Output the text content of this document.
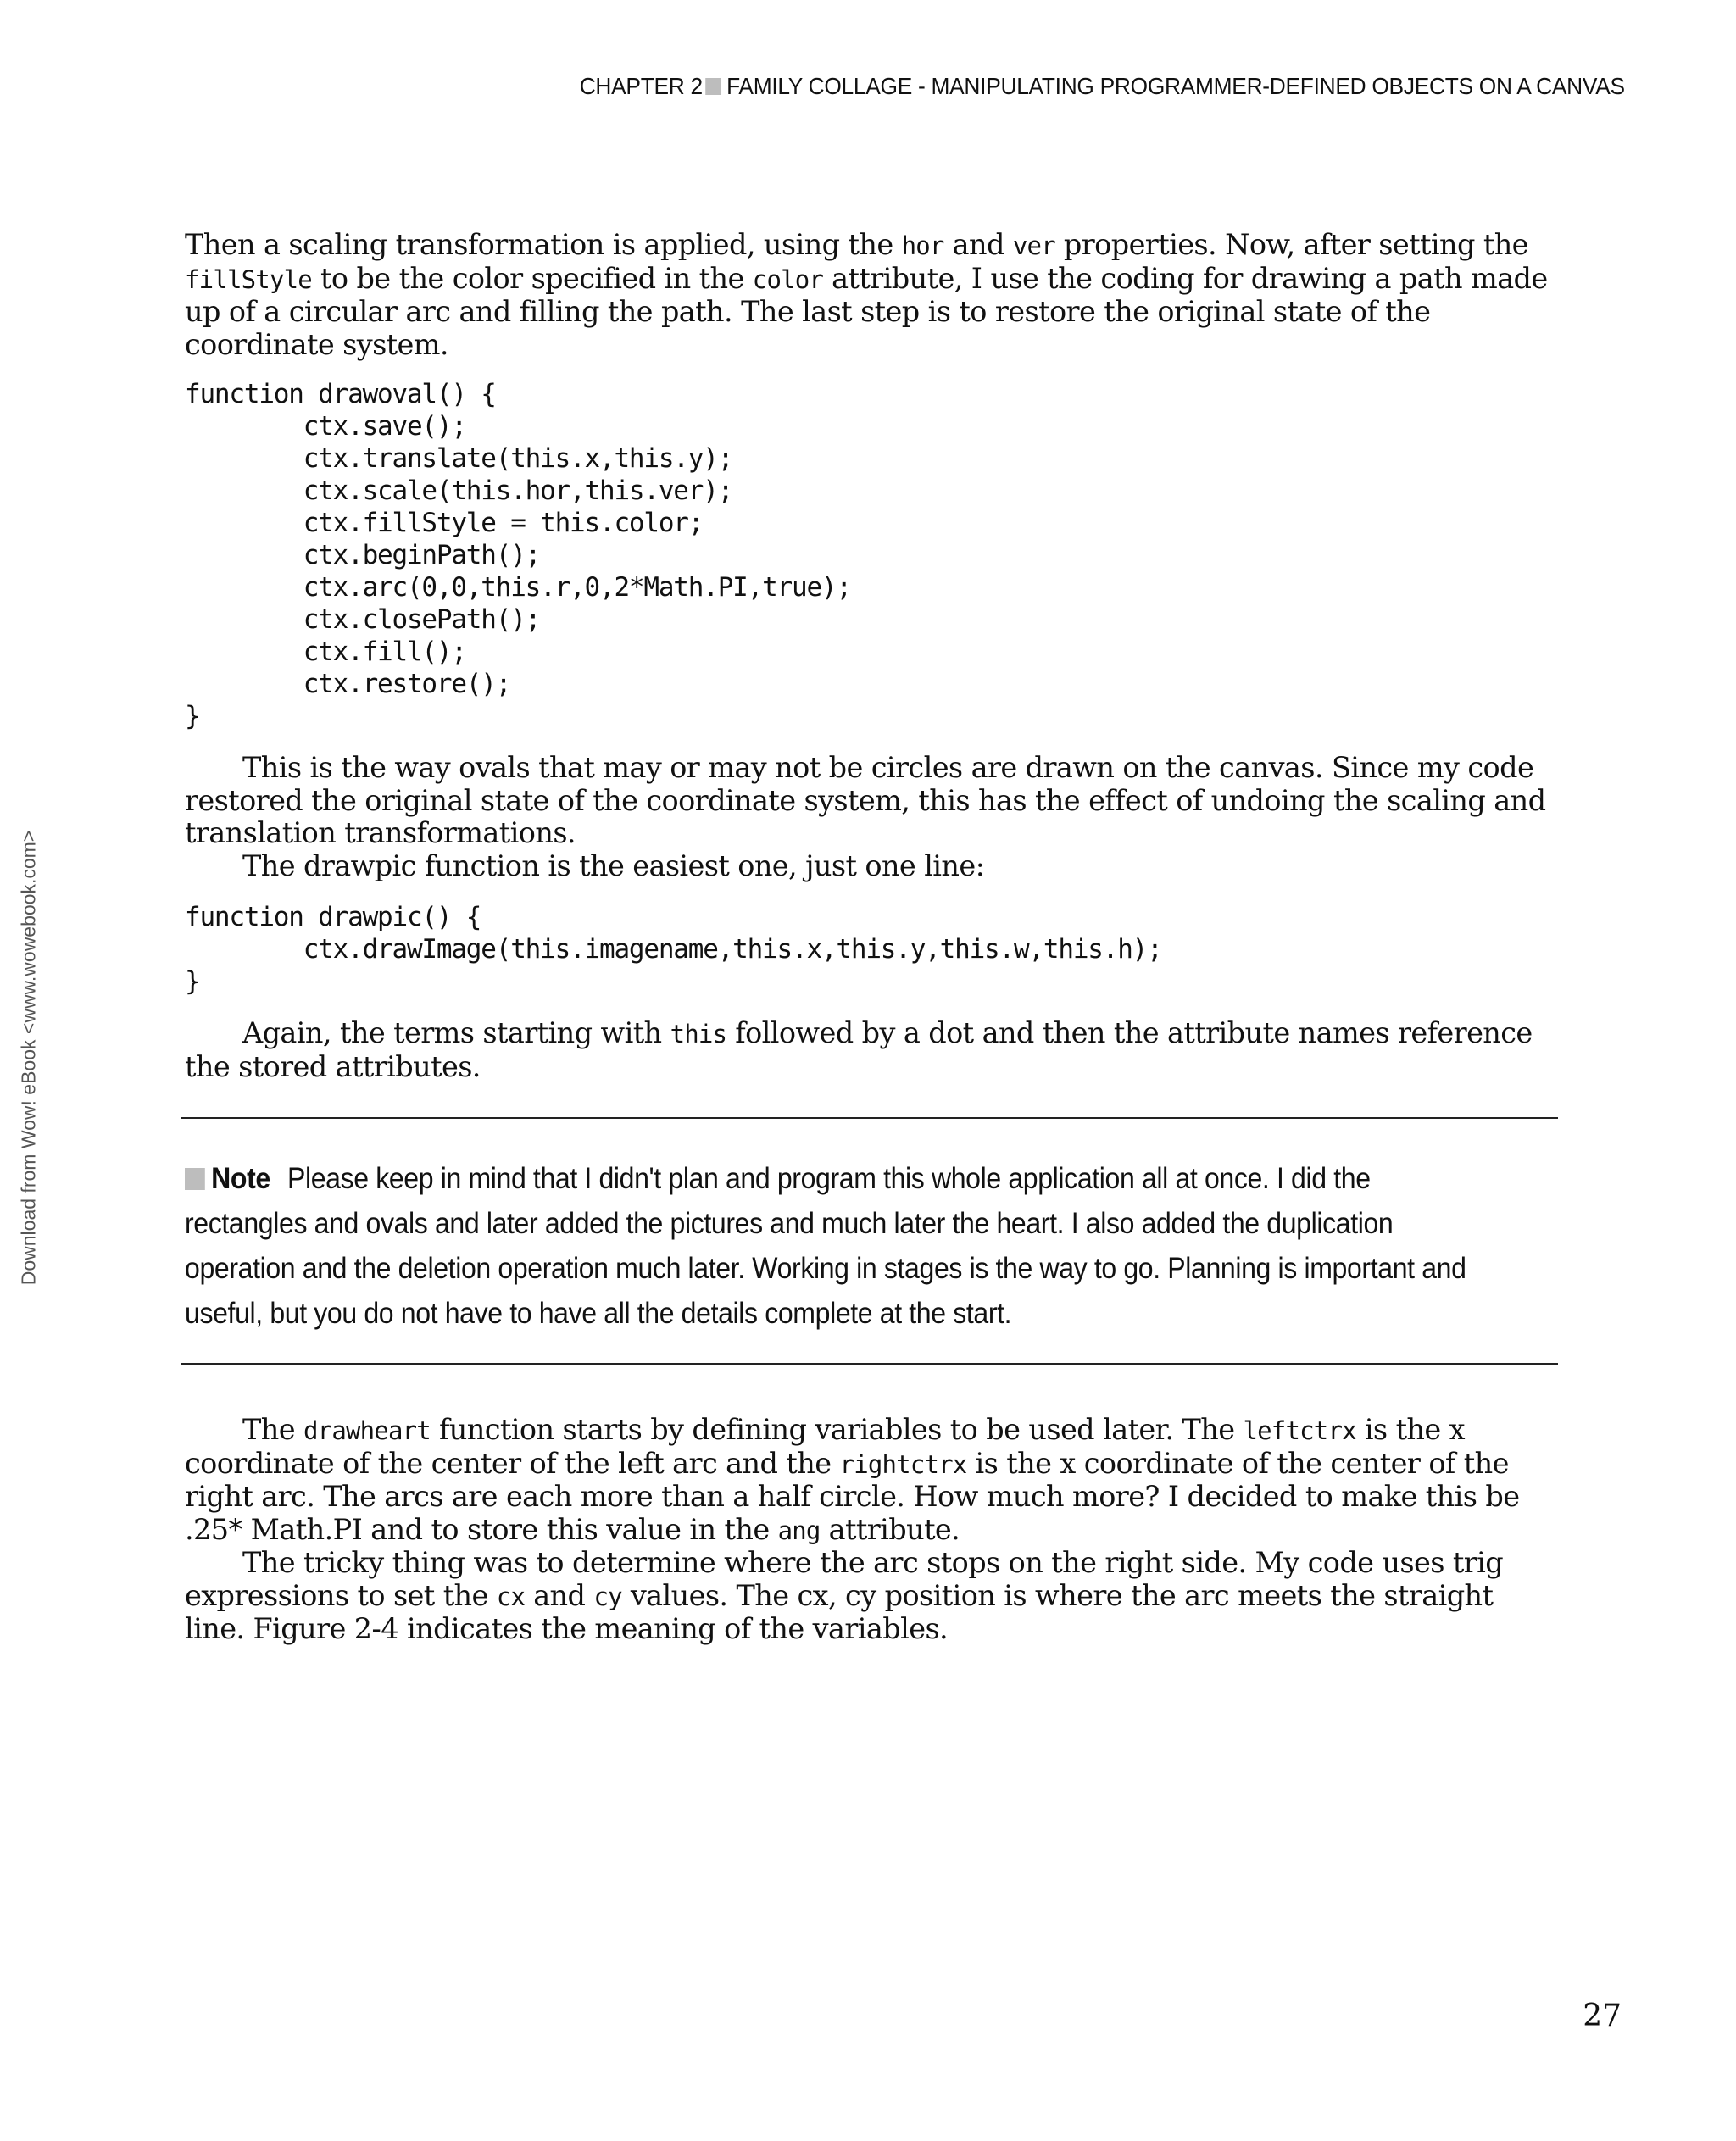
CHAPTER 2 FAMILY COLLAGE - MANIPULATING PROGRAMMER-DEFINED OBJECTS ON A CANVAS
Download from Wow! eBook <www.wowebook.com>

Then a scaling transformation is applied, using the hor and ver properties. Now, after setting the fillStyle to be the color specified in the color attribute, I use the coding for drawing a path made up of a circular arc and filling the path. The last step is to restore the original state of the coordinate system.

function drawoval() {
ctx.save();
ctx.translate(this.x,this.y);
ctx.scale(this.hor,this.ver);
ctx.fillStyle = this.color;
ctx.beginPath();
ctx.arc(0,0,this.r,0,2*Math.PI,true);
ctx.closePath();
ctx.fill();
ctx.restore();
}

This is the way ovals that may or may not be circles are drawn on the canvas. Since my code restored the original state of the coordinate system, this has the effect of undoing the scaling and translation transformations.

The drawpic function is the easiest one, just one line:

function drawpic() {
ctx.drawImage(this.imagename,this.x,this.y,this.w,this.h);
}

Again, the terms starting with this followed by a dot and then the attribute names reference the stored attributes.

Note Please keep in mind that I didn't plan and program this whole application all at once. I did the rectangles and ovals and later added the pictures and much later the heart. I also added the duplication operation and the deletion operation much later. Working in stages is the way to go. Planning is important and useful, but you do not have to have all the details complete at the start.

The drawheart function starts by defining variables to be used later. The leftctrx is the x coordinate of the center of the left arc and the rightctrx is the x coordinate of the center of the right arc. The arcs are each more than a half circle. How much more? I decided to make this be .25* Math.PI and to store this value in the ang attribute.

The tricky thing was to determine where the arc stops on the right side. My code uses trig expressions to set the cx and cy values. The cx, cy position is where the arc meets the straight line. Figure 2-4 indicates the meaning of the variables.

27
